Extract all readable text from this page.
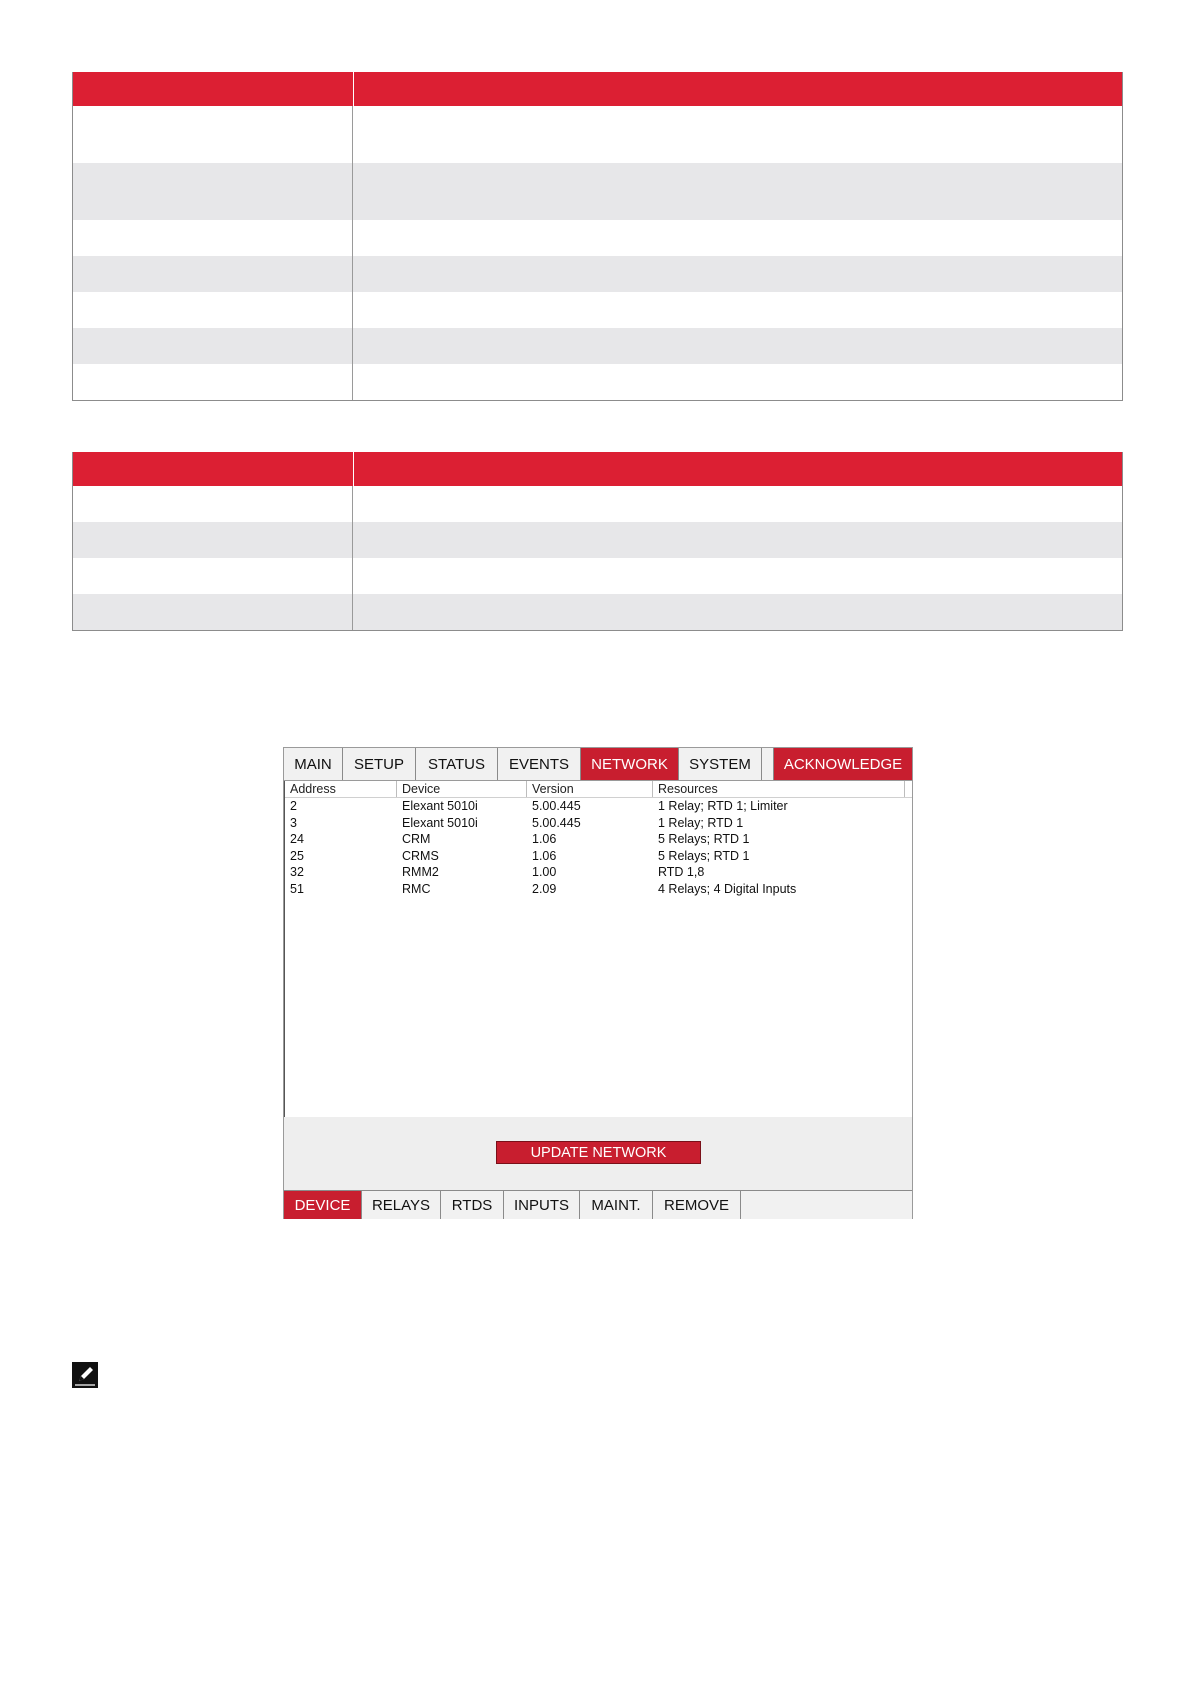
MAIN	SETUP	STATUS	EVENTS	NETWORK	SYSTEM	ACKNOWLEDGE
Address	Device	Version	Resources
2	Elexant 5010i	5.00.445	1 Relay; RTD 1; Limiter
3	Elexant 5010i	5.00.445	1 Relay; RTD 1
24	CRM	1.06	5 Relays; RTD 1
25	CRMS	1.06	5 Relays; RTD 1
32	RMM2	1.00	RTD 1,8
51	RMC	2.09	4 Relays; 4 Digital Inputs
UPDATE NETWORK
DEVICE	RELAYS	RTDS	INPUTS	MAINT.	REMOVE
